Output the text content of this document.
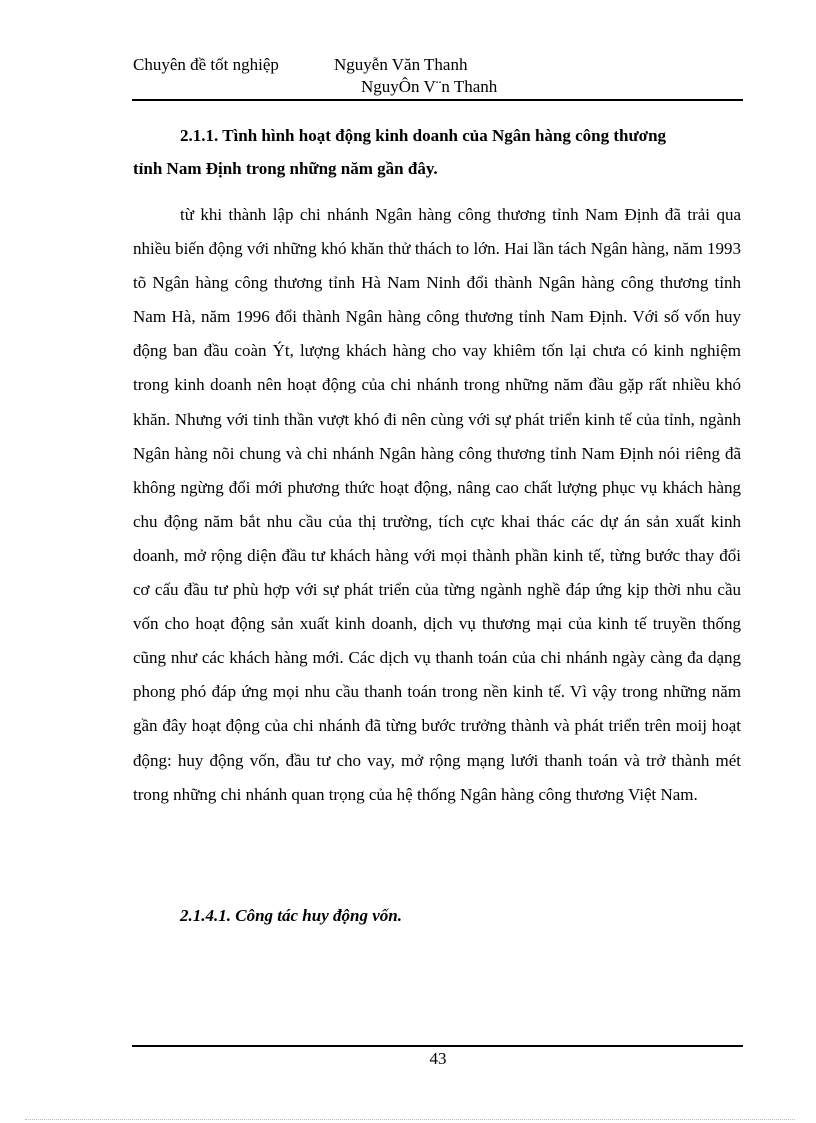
Chuyên đề tốt nghiệp	Nguyễn Văn Thanh
NguyÔn V¨n Thanh
2.1.1. Tình hình hoạt động kinh doanh của Ngân hàng công thương
tỉnh Nam Định trong những năm gần đây.
từ khi thành lập chi nhánh Ngân hàng công thương tỉnh Nam Định đã trải qua nhiều biến động với những khó khăn thử thách to lớn. Hai lần tách Ngân hàng, năm 1993 tõ Ngân hàng công thương tỉnh Hà Nam Ninh đổi thành Ngân hàng công thương tỉnh Nam Hà, năm 1996 đổi thành Ngân hàng công thương tỉnh Nam Định. Với số vốn huy động ban đầu coàn Ýt, lượng khách hàng cho vay khiêm tốn lại chưa có kinh nghiệm trong kinh doanh nên hoạt động của chi nhánh trong những năm đầu gặp rất nhiều khó khăn. Nhưng với tinh thần vượt khó đi nên cùng với sự phát triển kinh tế của tỉnh, ngành Ngân hàng nõi chung và chi nhánh Ngân hàng công thương tỉnh Nam Định nói riêng đã không ngừng đổi mới phương thức hoạt động, nâng cao chất lượng phục vụ khách hàng chu động năm bắt nhu cầu của thị trường, tích cực khai thác các dự án sản xuất kinh doanh, mở rộng diện đầu tư khách hàng với mọi thành phần kinh tế, từng bước thay đổi cơ cấu đầu tư phù hợp với sự phát triển của từng ngành nghề đáp ứng kịp thời nhu cầu vốn cho hoạt động sản xuất kinh doanh, dịch vụ thương mại của kinh tế truyền thống cũng như các khách hàng mới. Các dịch vụ thanh toán của chi nhánh ngày càng đa dạng phong phó đáp ứng mọi nhu cầu thanh toán trong nền kinh tế. Vì vậy trong những năm gần đây hoạt động của chi nhánh đã từng bước trưởng thành và phát triển trên moij hoạt động: huy động vốn, đầu tư cho vay, mở rộng mạng lưới thanh toán và trở thành mét trong những chi nhánh quan trọng của hệ thống Ngân hàng công thương Việt Nam.
2.1.4.1. Công tác huy động vốn.
43
